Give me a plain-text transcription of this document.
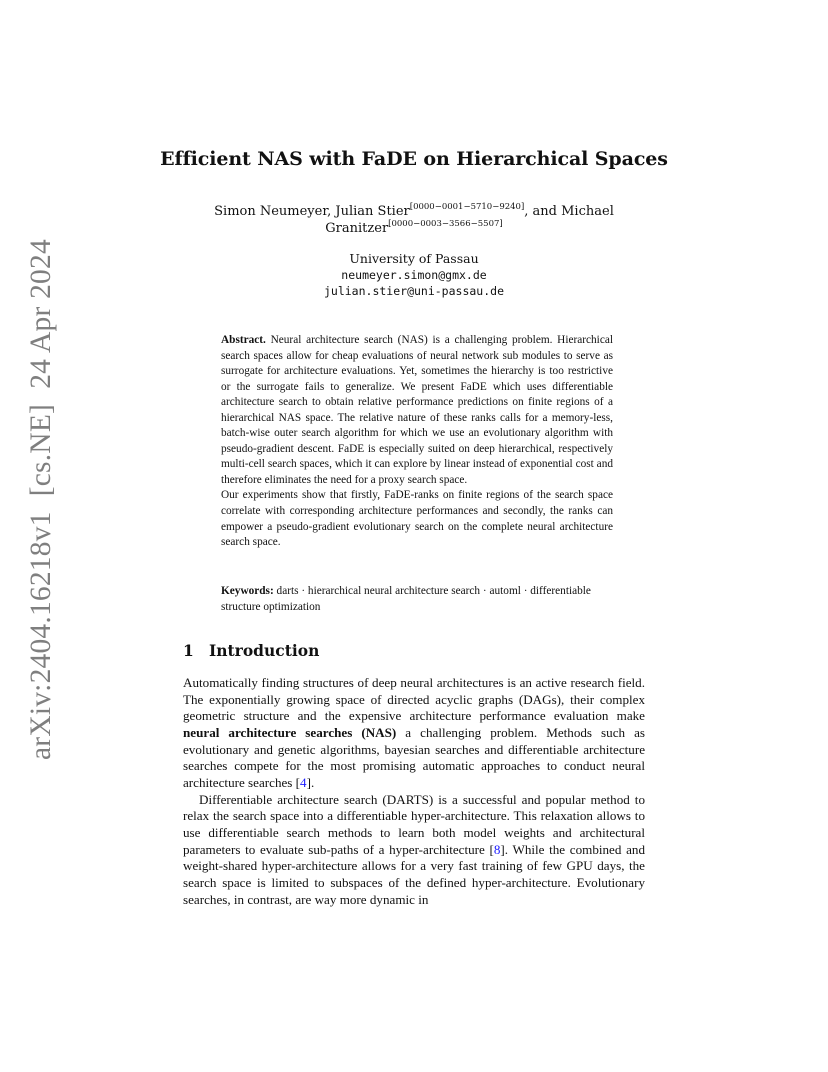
arXiv:2404.16218v1  [cs.NE]  24 Apr 2024
Efficient NAS with FaDE on Hierarchical Spaces
Simon Neumeyer, Julian Stier[0000−0001−5710−9240], and Michael Granitzer[0000−0003−3566−5507]
University of Passau
neumeyer.simon@gmx.de
julian.stier@uni-passau.de

Abstract. Neural architecture search (NAS) is a challenging problem. Hierarchical search spaces allow for cheap evaluations of neural network sub modules to serve as surrogate for architecture evaluations. Yet, sometimes the hierarchy is too restrictive or the surrogate fails to generalize. We present FaDE which uses differentiable architecture search to obtain relative performance predictions on finite regions of a hierarchical NAS space. The relative nature of these ranks calls for a memory-less, batch-wise outer search algorithm for which we use an evolutionary algorithm with pseudo-gradient descent. FaDE is especially suited on deep hierarchical, respectively multi-cell search spaces, which it can explore by linear instead of exponential cost and therefore eliminates the need for a proxy search space.

Our experiments show that firstly, FaDE-ranks on finite regions of the search space correlate with corresponding architecture performances and secondly, the ranks can empower a pseudo-gradient evolutionary search on the complete neural architecture search space.

Keywords: darts · hierarchical neural architecture search · automl · differentiable structure optimization
1 Introduction

Automatically finding structures of deep neural architectures is an active research field. The exponentially growing space of directed acyclic graphs (DAGs), their complex geometric structure and the expensive architecture performance evaluation make neural architecture searches (NAS) a challenging problem. Methods such as evolutionary and genetic algorithms, bayesian searches and differentiable architecture searches compete for the most promising automatic approaches to conduct neural architecture searches [4].

Differentiable architecture search (DARTS) is a successful and popular method to relax the search space into a differentiable hyper-architecture. This relaxation allows to use differentiable search methods to learn both model weights and architectural parameters to evaluate sub-paths of a hyper-architecture [8]. While the combined and weight-shared hyper-architecture allows for a very fast training of few GPU days, the search space is limited to subspaces of the defined hyper-architecture. Evolutionary searches, in contrast, are way more dynamic in
